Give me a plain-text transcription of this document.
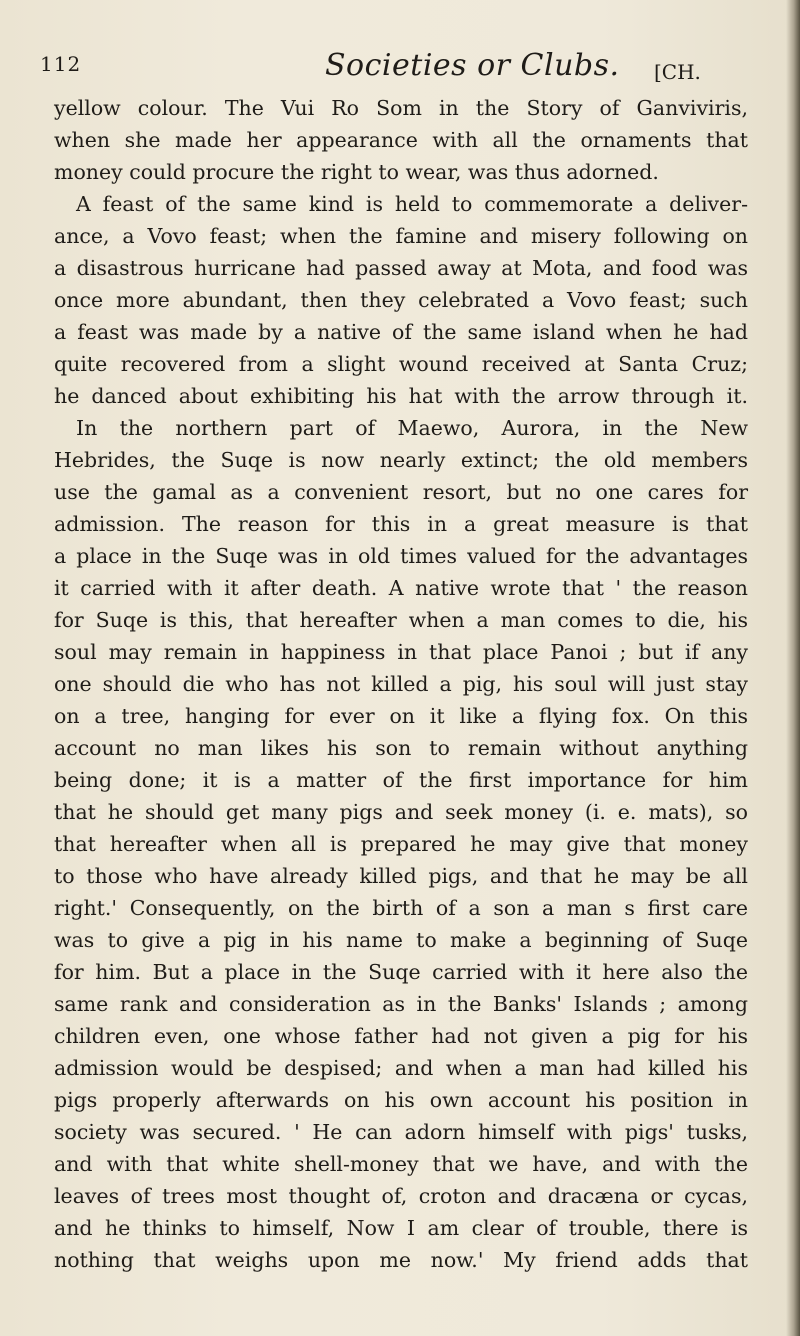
112	Societies or Clubs. [CH.
yellow colour. The Vui Ro Som in the Story of Ganviviris,
when she made her appearance with all the ornaments that
money could procure the right to wear, was thus adorned.
A feast of the same kind is held to commemorate a deliver-
ance, a Vovo feast; when the famine and misery following on
a disastrous hurricane had passed away at Mota, and food was
once more abundant, then they celebrated a Vovo feast; such
a feast was made by a native of the same island when he had
quite recovered from a slight wound received at Santa Cruz;
he danced about exhibiting his hat with the arrow through it.
In the northern part of Maewo, Aurora, in the New
Hebrides, the Suqe is now nearly extinct; the old members
use the gamal as a convenient resort, but no one cares for
admission. The reason for this in a great measure is that
a place in the Suqe was in old times valued for the advantages
it carried with it after death. A native wrote that ' the reason
for Suqe is this, that hereafter when a man comes to die, his
soul may remain in happiness in that place Panoi ; but if any
one should die who has not killed a pig, his soul will just stay
on a tree, hanging for ever on it like a flying fox. On this
account no man likes his son to remain without anything
being done; it is a matter of the first importance for him
that he should get many pigs and seek money (i. e. mats), so
that hereafter when all is prepared he may give that money
to those who have already killed pigs, and that he may be all
right.' Consequently, on the birth of a son a man s first care
was to give a pig in his name to make a beginning of Suqe
for him. But a place in the Suqe carried with it here also the
same rank and consideration as in the Banks' Islands ; among
children even, one whose father had not given a pig for his
admission would be despised; and when a man had killed his
pigs properly afterwards on his own account his position in
society was secured. ' He can adorn himself with pigs' tusks,
and with that white shell-money that we have, and with the
leaves of trees most thought of, croton and dracæna or cycas,
and he thinks to himself, Now I am clear of trouble, there is
nothing that weighs upon me now.' My friend adds that
